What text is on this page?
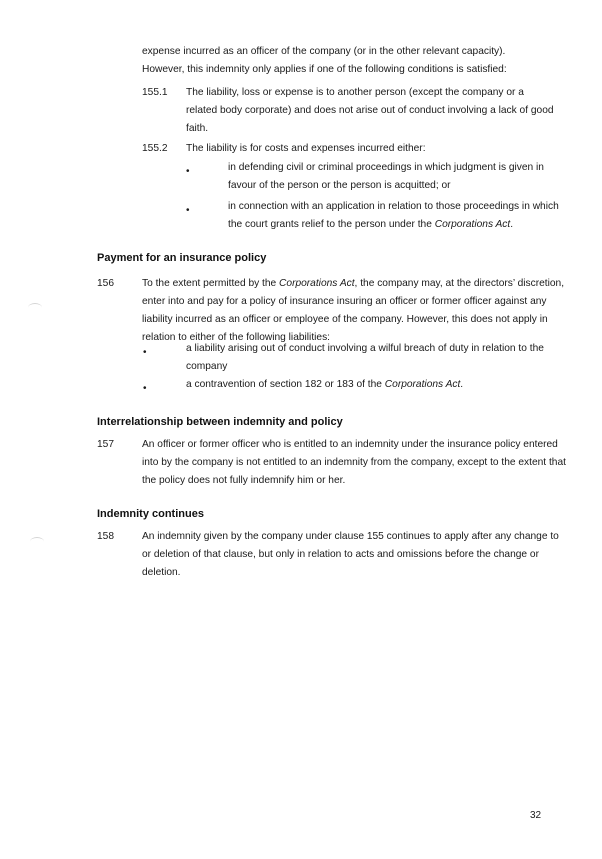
expense incurred as an officer of the company (or in the other relevant capacity).
However, this indemnity only applies if one of the following conditions is satisfied:

155.1 The liability, loss or expense is to another person (except the company or a related body corporate) and does not arise out of conduct involving a lack of good faith.

155.2 The liability is for costs and expenses incurred either:

•	in defending civil or criminal proceedings in which judgment is given in favour of the person or the person is acquitted; or

•	in connection with an application in relation to those proceedings in which the court grants relief to the person under the Corporations Act.

Payment for an insurance policy

156	To the extent permitted by the Corporations Act, the company may, at the directors’ discretion, enter into and pay for a policy of insurance insuring an officer or former officer against any liability incurred as an officer or employee of the company. However, this does not apply in relation to either of the following liabilities:

•	a liability arising out of conduct involving a wilful breach of duty in relation to the company

•	a contravention of section 182 or 183 of the Corporations Act.

Interrelationship between indemnity and policy

157	An officer or former officer who is entitled to an indemnity under the insurance policy entered into by the company is not entitled to an indemnity from the company, except to the extent that the policy does not fully indemnify him or her.

Indemnity continues

158	An indemnity given by the company under clause 155 continues to apply after any change to or deletion of that clause, but only in relation to acts and omissions before the change or deletion.

32
